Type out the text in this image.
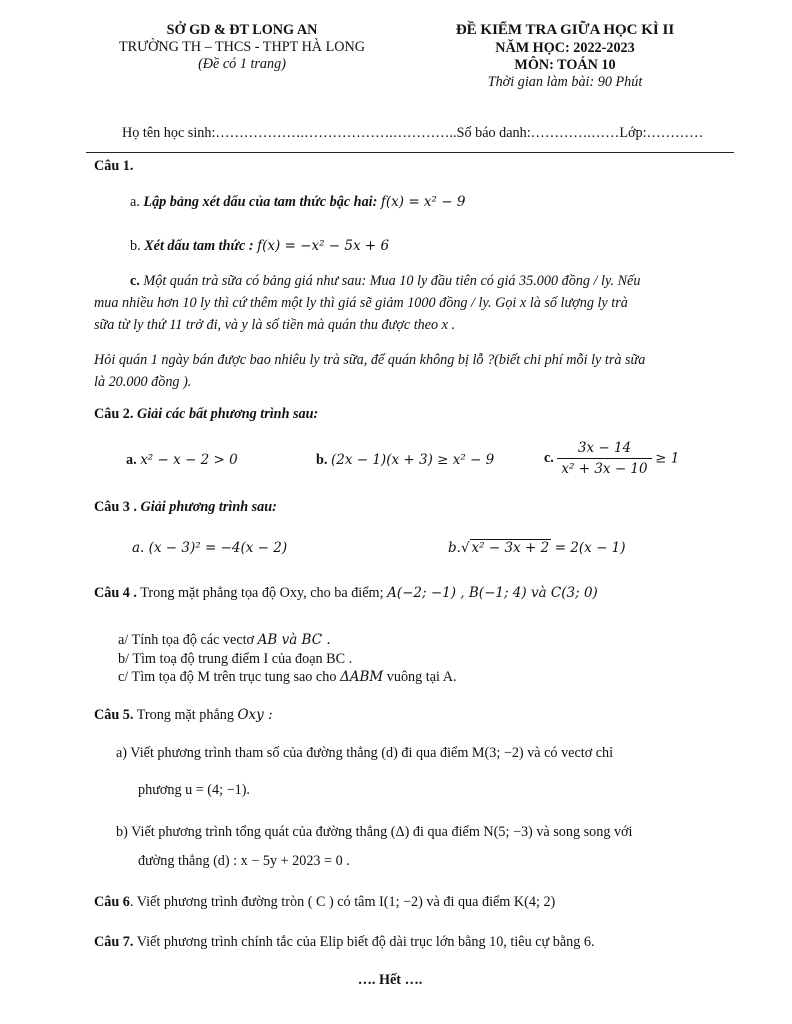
SỞ GD & ĐT LONG AN
TRƯỜNG TH – THCS - THPT HÀ LONG
(Đề có 1 trang)
ĐỀ KIỂM TRA GIỮA HỌC KÌ II
NĂM HỌC: 2022-2023
MÔN: TOÁN 10
Thời gian làm bài: 90 Phút
Họ tên học sinh:……………….……………….…………..Số báo danh:………….……Lớp:…………
Câu 1.
a. Lập bảng xét dấu của tam thức bậc hai: f(x) = x² − 9
b. Xét dấu tam thức : f(x) = −x² − 5x + 6
c. Một quán trà sữa có bảng giá như sau: Mua 10 ly đầu tiên có giá 35.000 đồng / ly. Nếu
mua nhiều hơn 10 ly thì cứ thêm một ly thì giá sẽ giảm 1000 đồng / ly. Gọi x là số lượng ly trà
sữa từ ly thứ 11 trở đi, và y là số tiền mà quán thu được theo x .
Hỏi quán 1 ngày bán được bao nhiêu ly trà sữa, để quán không bị lỗ ?(biết chi phí mỗi ly trà sữa
là 20.000 đồng ).
Câu 2. Giải các bất phương trình sau:
a. x² − x − 2 > 0	b. (2x − 1)(x + 3) ≥ x² − 9	c. $\frac{3x - 14}{\text{x² + 3x − 10}} \ge 1$
Câu 3 . Giải phương trình sau:
a. (x − 3)² = −4(x − 2)	b.√ x² − 3x + 2 = 2(x − 1)
Câu 4 . Trong mặt phẳng tọa độ Oxy, cho ba điểm; A(−2; −1) , B(−1; 4) và C(3; 0)
a/ Tính tọa độ các vectơ AB và BC .
b/ Tìm toạ độ trung điểm I của đoạn BC .
c/ Tìm tọa độ M trên trục tung sao cho ΔABM vuông tại A.
Câu 5. Trong mặt phẳng Oxy :
a) Viết phương trình tham số của đường thẳng (d) đi qua điểm M(3; −2) và có vectơ chỉ
phương u = (4; −1).
b) Viết phương trình tổng quát của đường thẳng (Δ) đi qua điểm N(5; −3) và song song với
đường thẳng (d) : x − 5y + 2023 = 0 .
Câu 6. Viết phương trình đường tròn ( C ) có tâm I(1; −2) và đi qua điểm K(4; 2)
Câu 7. Viết phương trình chính tắc của Elip biết độ dài trục lớn bằng 10, tiêu cự bằng 6.
…. Hết ….
